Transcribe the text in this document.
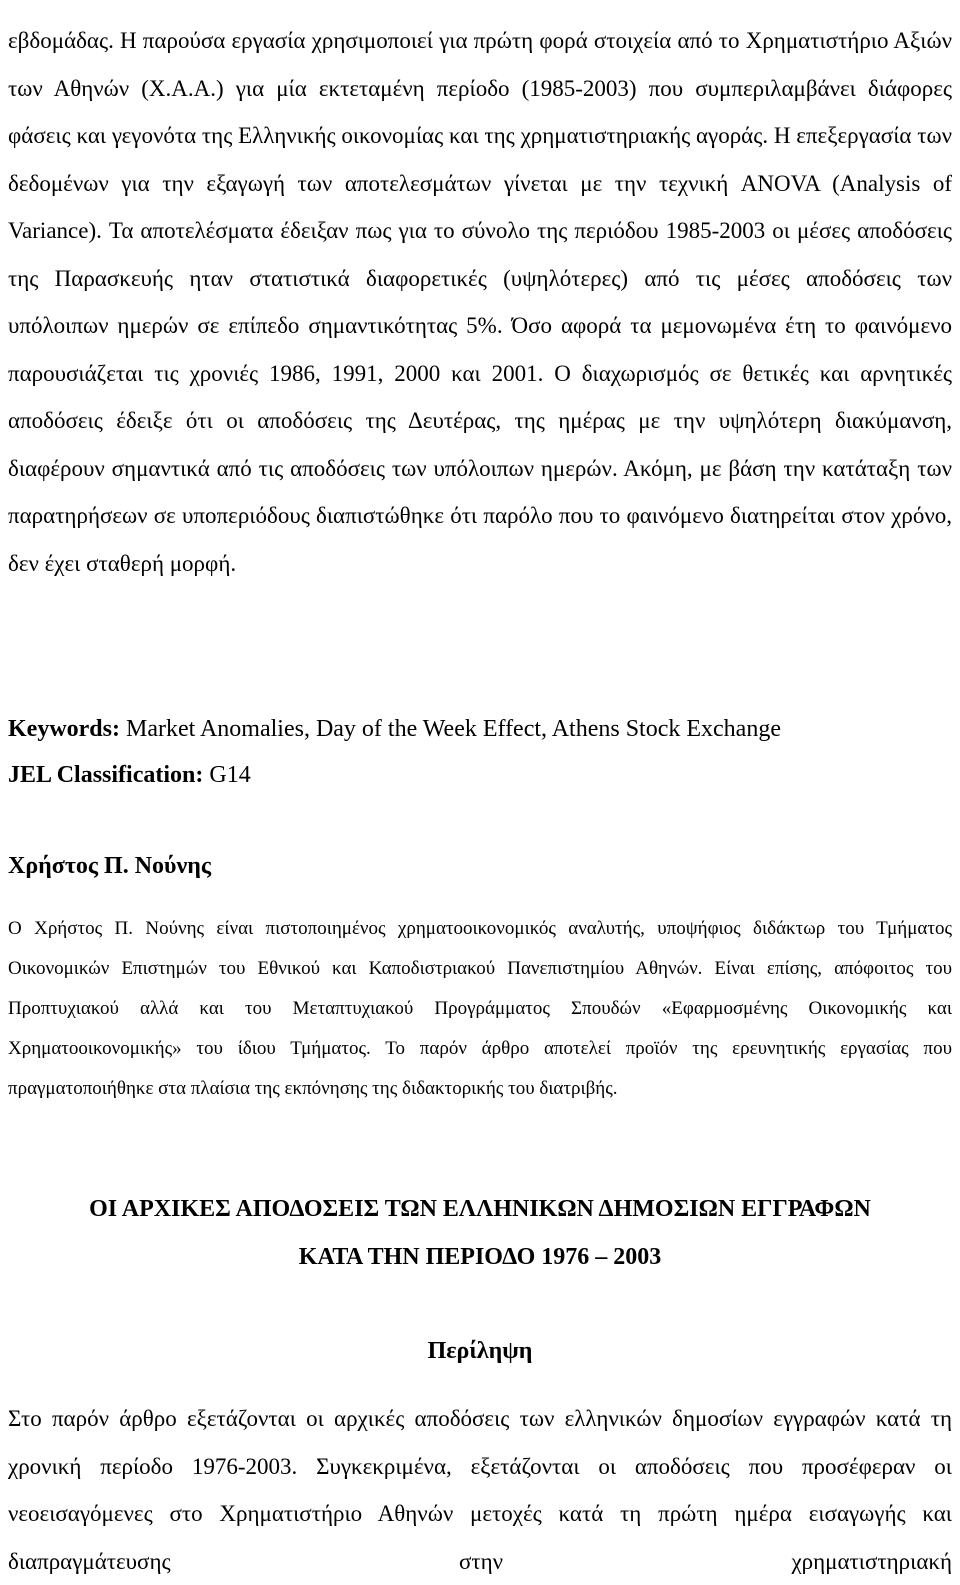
εβδομάδας. Η παρούσα εργασία χρησιμοποιεί για πρώτη φορά στοιχεία από το Χρηματιστήριο Αξιών των Αθηνών (Χ.Α.Α.) για μία εκτεταμένη περίοδο (1985-2003) που συμπεριλαμβάνει διάφορες φάσεις και γεγονότα της Ελληνικής οικονομίας και της χρηματιστηριακής αγοράς. Η επεξεργασία των δεδομένων για την εξαγωγή των αποτελεσμάτων γίνεται με την τεχνική ANOVA (Analysis of Variance). Τα αποτελέσματα έδειξαν πως για το σύνολο της περιόδου 1985-2003 οι μέσες αποδόσεις της Παρασκευής ηταν στατιστικά διαφορετικές (υψηλότερες) από τις μέσες αποδόσεις των υπόλοιπων ημερών σε επίπεδο σημαντικότητας 5%. Όσο αφορά τα μεμονωμένα έτη το φαινόμενο παρουσιάζεται τις χρονιές 1986, 1991, 2000 και 2001. Ο διαχωρισμός σε θετικές και αρνητικές αποδόσεις έδειξε ότι οι αποδόσεις της Δευτέρας, της ημέρας με την υψηλότερη διακύμανση, διαφέρουν σημαντικά από τις αποδόσεις των υπόλοιπων ημερών. Ακόμη, με βάση την κατάταξη των παρατηρήσεων σε υποπεριόδους διαπιστώθηκε ότι παρόλο που το φαινόμενο διατηρείται στον χρόνο, δεν έχει σταθερή μορφή.

Keywords: Market Anomalies, Day of the Week Effect, Athens Stock Exchange
JEL Classification: G14
Χρήστος Π. Νούνης

Ο Χρήστος Π. Νούνης είναι πιστοποιημένος χρηματοοικονομικός αναλυτής, υποψήφιος διδάκτωρ του Τμήματος Οικονομικών Επιστημών του Εθνικού και Καποδιστριακού Πανεπιστημίου Αθηνών. Είναι επίσης, απόφοιτος του Προπτυχιακού αλλά και του Μεταπτυχιακού Προγράμματος Σπουδών «Εφαρμοσμένης Οικονομικής και Χρηματοοικονομικής» του ίδιου Τμήματος. Το παρόν άρθρο αποτελεί προϊόν της ερευνητικής εργασίας που πραγματοποιήθηκε στα πλαίσια της εκπόνησης της διδακτορικής του διατριβής.

ΟΙ ΑΡΧΙΚΕΣ ΑΠΟΔΟΣΕΙΣ ΤΩΝ ΕΛΛΗΝΙΚΩΝ ΔΗΜΟΣΙΩΝ ΕΓΓΡΑΦΩΝ
ΚΑΤΑ ΤΗΝ ΠΕΡΙΟΔΟ 1976 – 2003
Περίληψη

Στο παρόν άρθρο εξετάζονται οι αρχικές αποδόσεις των ελληνικών δημοσίων εγγραφών κατά τη χρονική περίοδο 1976-2003. Συγκεκριμένα, εξετάζονται οι αποδόσεις που προσέφεραν οι νεοεισαγόμενες στο Χρηματιστήριο Αθηνών μετοχές κατά τη πρώτη ημέρα εισαγωγής και διαπραγμάτευσης στην χρηματιστηριακή
